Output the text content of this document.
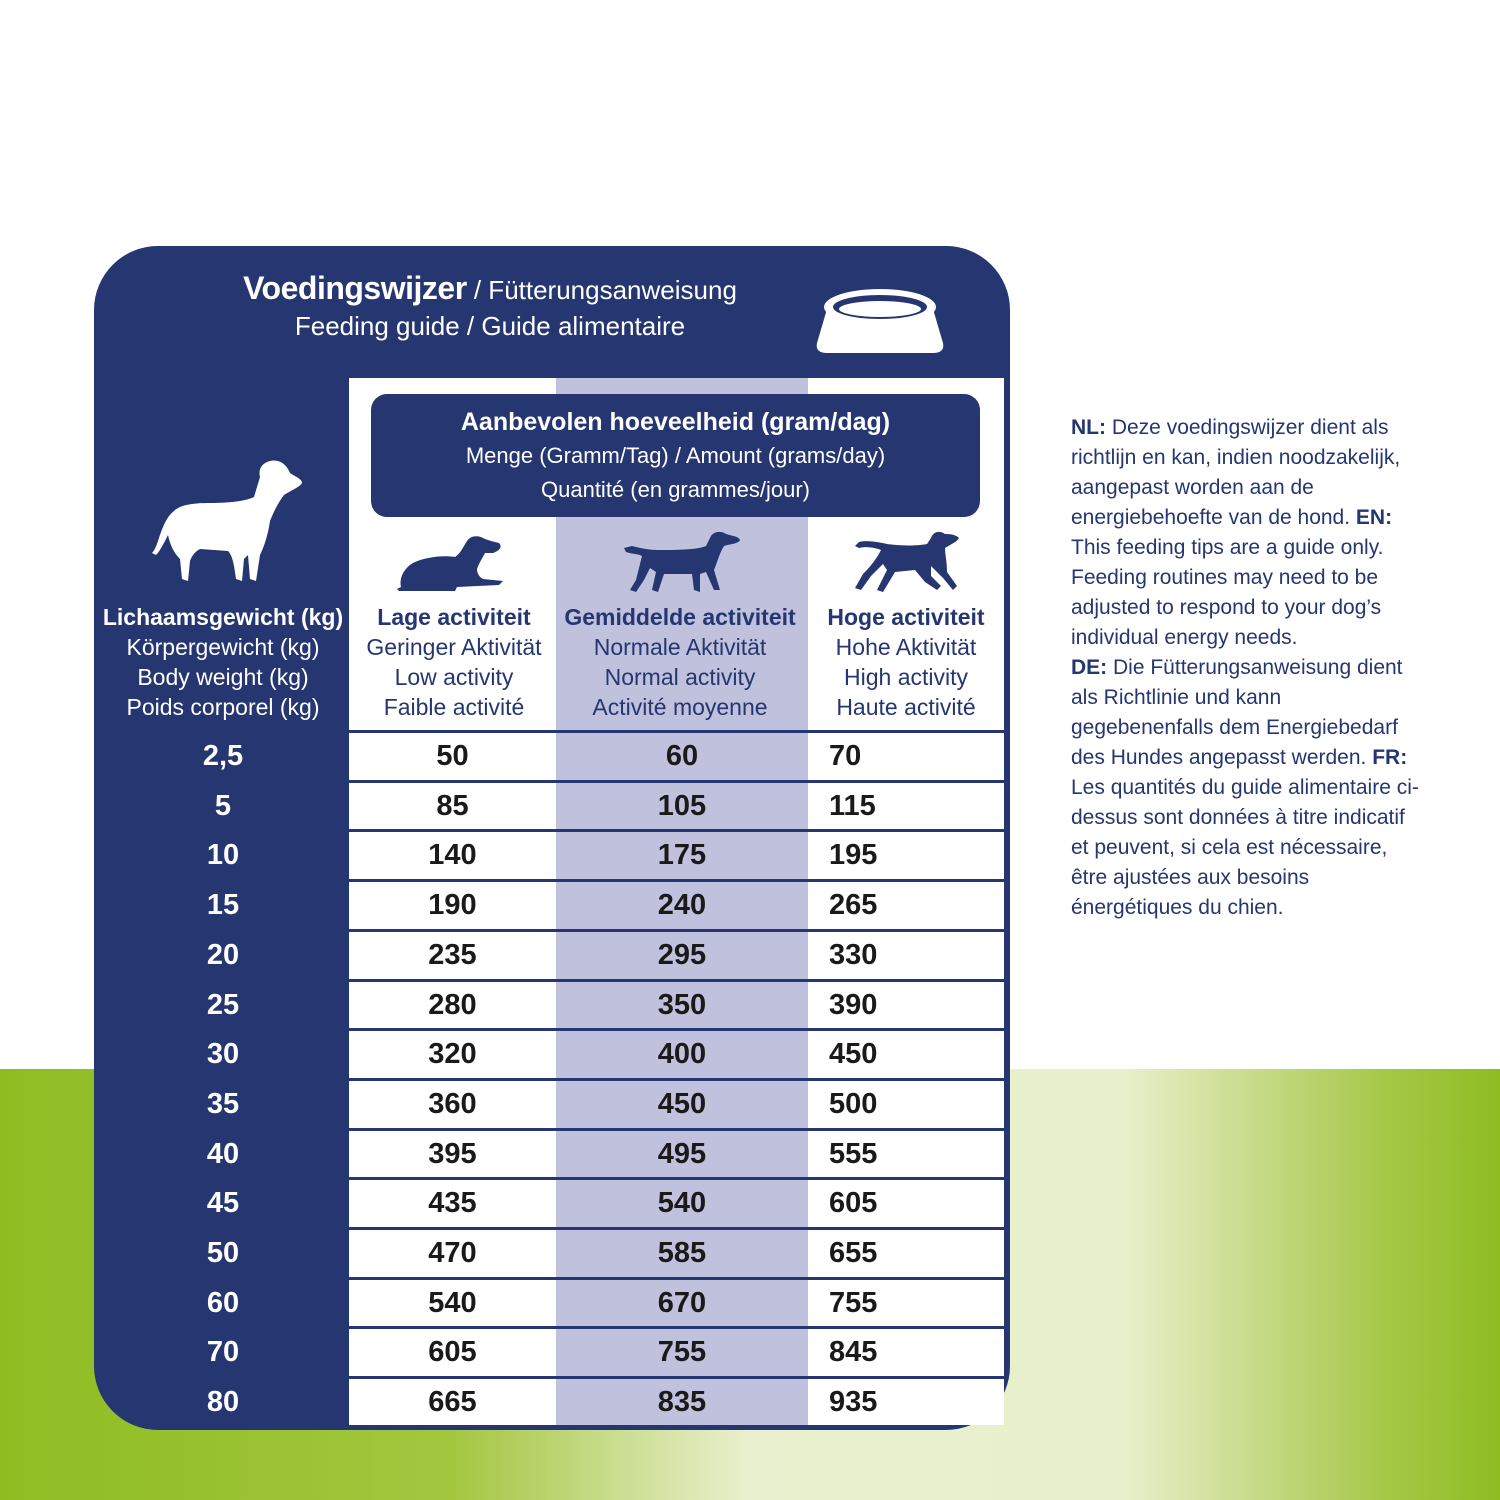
Voedingswijzer / Fütterungsanweisung
Feeding guide / Guide alimentaire
Aanbevolen hoeveelheid (gram/dag)
Menge (Gramm/Tag) / Amount (grams/day)
Quantité (en grammes/jour)
Lichaamsgewicht (kg)
Körpergewicht (kg)
Body weight (kg)
Poids corporel (kg)
Lage activiteit
Geringer Aktivität
Low activity
Faible activité
Gemiddelde activiteit
Normale Aktivität
Normal activity
Activité moyenne
Hoge activiteit
Hohe Aktivität
High activity
Haute activité
2,5	50	60	70
5	85	105	115
10	140	175	195
15	190	240	265
20	235	295	330
25	280	350	390
30	320	400	450
35	360	450	500
40	395	495	555
45	435	540	605
50	470	585	655
60	540	670	755
70	605	755	845
80	665	835	935
NL: Deze voedingswijzer dient als richtlijn en kan, indien noodzakelijk, aangepast worden aan de energiebehoefte van de hond. EN: This feeding tips are a guide only. Feeding routines may need to be adjusted to respond to your dog’s individual energy needs.
DE: Die Fütterungsanweisung dient als Richtlinie und kann gegebenenfalls dem Energiebedarf des Hundes angepasst werden. FR: Les quantités du guide alimentaire ci-dessus sont données à titre indicatif et peuvent, si cela est nécessaire, être ajustées aux besoins énergétiques du chien.
